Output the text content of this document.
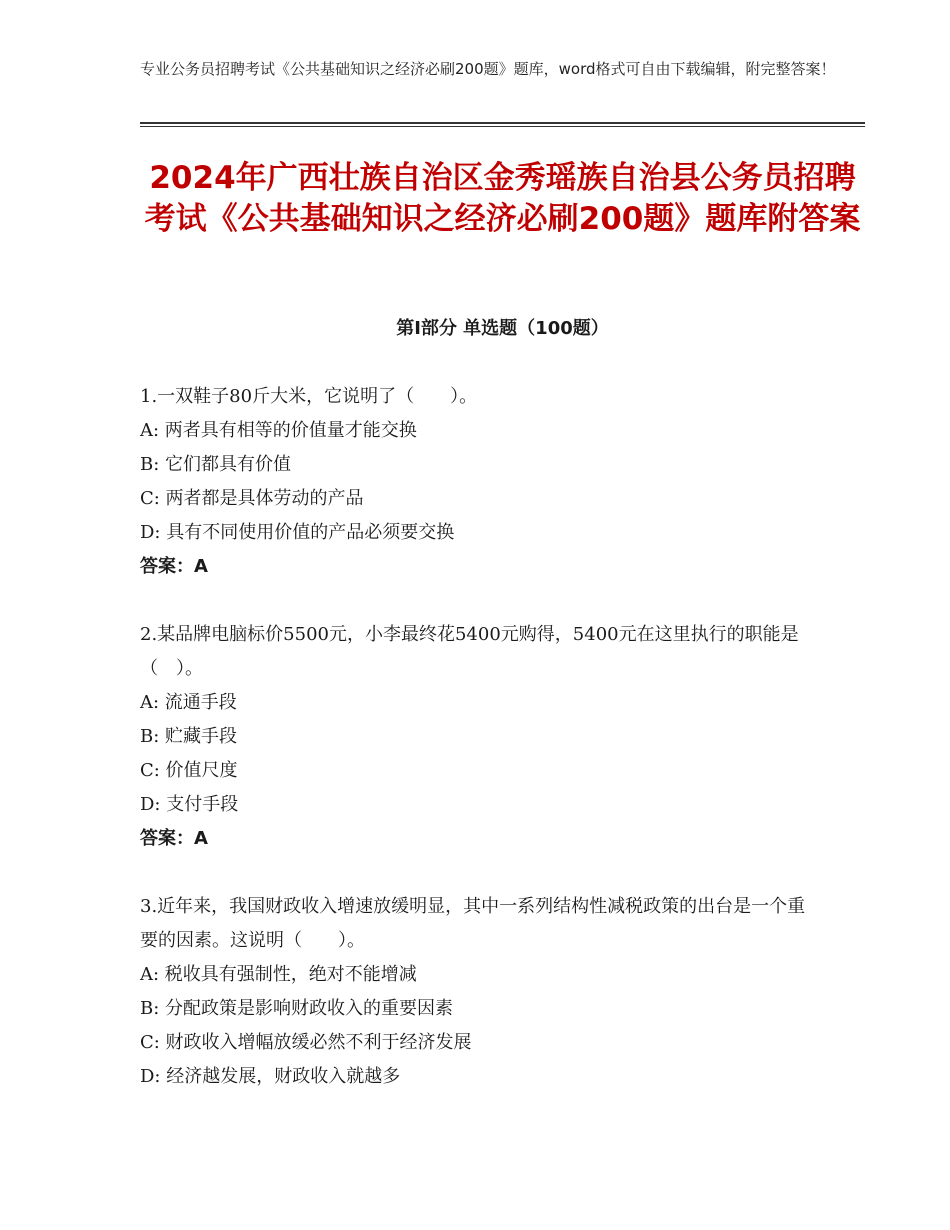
专业公务员招聘考试《公共基础知识之经济必刷200题》题库，word格式可自由下载编辑，附完整答案！
2024年广西壮族自治区金秀瑶族自治县公务员招聘考试《公共基础知识之经济必刷200题》题库附答案
第Ⅰ部分 单选题（100题）
1.一双鞋子80斤大米，它说明了（　　）。
A: 两者具有相等的价值量才能交换
B: 它们都具有价值
C: 两者都是具体劳动的产品
D: 具有不同使用价值的产品必须要交换
答案：A
2.某品牌电脑标价5500元，小李最终花5400元购得，5400元在这里执行的职能是（　）。
A: 流通手段
B: 贮藏手段
C: 价值尺度
D: 支付手段
答案：A
3.近年来，我国财政收入增速放缓明显，其中一系列结构性减税政策的出台是一个重要的因素。这说明（　　）。
A: 税收具有强制性，绝对不能增减
B: 分配政策是影响财政收入的重要因素
C: 财政收入增幅放缓必然不利于经济发展
D: 经济越发展，财政收入就越多
